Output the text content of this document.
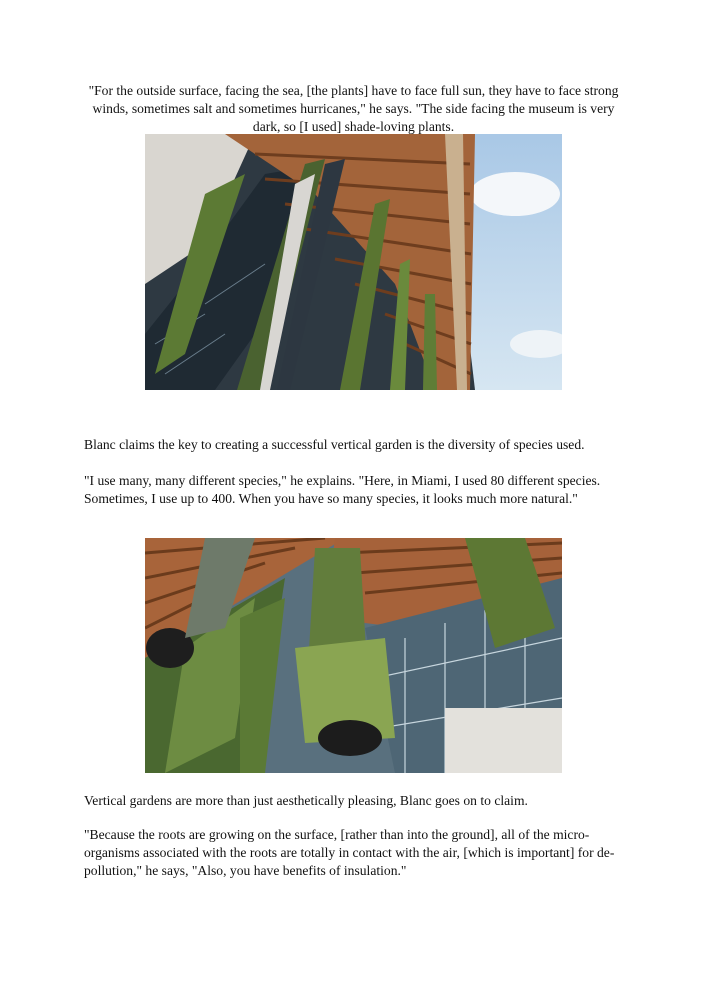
"For the outside surface, facing the sea, [the plants] have to face full sun, they have to face strong winds, sometimes salt and sometimes hurricanes," he says. "The side facing the museum is very dark, so [I used] shade-loving plants.

Blanc claims the key to creating a successful vertical garden is the diversity of species used.

"I use many, many different species," he explains. "Here, in Miami, I used 80 different species. Sometimes, I use up to 400. When you have so many species, it looks much more natural."

Vertical gardens are more than just aesthetically pleasing, Blanc goes on to claim.

"Because the roots are growing on the surface, [rather than into the ground], all of the micro-organisms associated with the roots are totally in contact with the air, [which is important] for de-pollution," he says, "Also, you have benefits of insulation."
